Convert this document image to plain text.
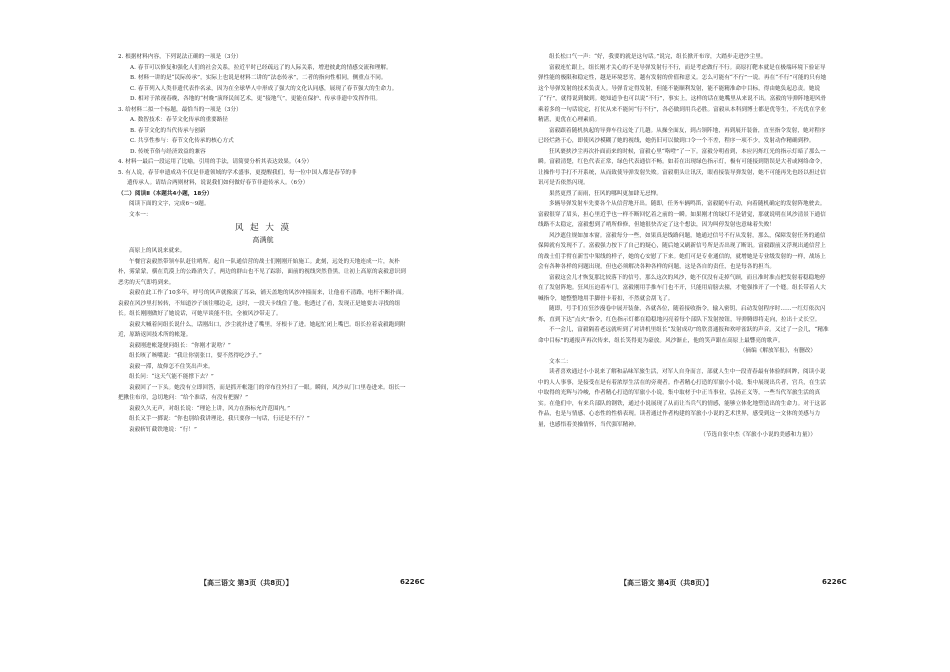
2. 根据材料内容，下列说法正确的一项是（3分）
A. 春节可以修复和强化人们的社会关系，拉近平时已经疏远了的人际关系，增进彼此的情感交流和理解。
B. 材料一讲的是“民际传承”，实际上也说是材料二讲的“法态传承”，二者的指向性相同，侧重点不同。
C. 春节列入人类非遗代表作名录，因为在全球华人中形成了强大的文化认同感，展现了春节强大的生命力。
D. 相对于浓视春晚，各地的“村晚”演绎民间艺术，更“接地气”，更能在保护、传承非遗中发挥作用。
3. 给材料二拟一个标题，最恰当的一项是（3分）
A. 数智技术：春节文化传承的重要路径
B. 春节文化的当代传承与创新
C. 共享性参与：春节文化传承的核心方式
D. 传统节俗与经济效益的兼容
4. 材料一最后一段运用了比喻，引用的手法，请简要分析其表达效果。（4分）
5. 有人说，春节申遗成功不仅是非遗领域的学术盛事，更提醒我们，每一位中国人都是春节的非
遗传承人。请结合两则材料，说说我们如何做好春节非遗传承人。（6分）
（二）阅读Ⅱ（本题共4小题，18分）
阅读下面的文字，完成6～9题。
文本一：
风 起 大 漠
高满航
高原上的风说来就来。
午餐官袁毅然带领车队赶往哨所。起自一队通信营的战士们刚刚开始施工。此刻，远处的天地连成一片，灰朴朴，雾蒙蒙，横在荒漠上的公路消失了，两边的群山也不见了踪影，面前的视线突然昏黑，让初上高原的袁毅意识到恶劣的天气即将到来。
袁毅在此工作了10多年，呼号的风声就像滚了耳朵，铺天盖地的风沙冲撞而来，让他看不清路，电杆不断扑面。袁毅在风沙里打转转，不知道沙子该往哪边走，这时，一段天卡线住了他。他透过了看，发现正是她要去寻找的组长。组长刚刚做好了她说话，可她早谈能不住，全被风沙带走了。
袁毅大喊着问组长说什么，话刚出口，沙尘就扑进了嘴里，牙根卡了进。她起忙闭上嘴巴。组长拉着袁毅跑到附近，原路返回技术所的帐篷。
袁毅刚进帐篷便问组长：“你刚才说啥？”
组长咳了咳嘴说：“我让你别张口，要不然得吃沙子。”
袁毅一滞，故仰怎不住笑出声来。
组长问：“这天气能不能撑下去？”
袁毅回了一下头。她没有立即回答，而是抓开帐篷门的帘布往外扫了一眼。瞬间，风沙从门口里卷进来。组长一把揪住布帘，急切地问：“给个准话，有没有把握？”
袁毅久久无声，对组长说：“理论上讲，风力在指标允许范围内。”
组长又手一掷说：“你也别给我讲理论，我只要你一句话，行还是不行？”
袁毅斩钉截铁地说：“行！”
【高三语文 第3页（共8页）】	6226C
组长松口气一声：“好，我要的就是这句话。”说完，组长掀开布帘，大踏步走进沙尘里。
富毅连忙跟上，组长刚才关心的不是导弹发射行不行，而是考虑做行不行。高原打靶本就是在极端环境下验证导弹性能的极限和稳定性，越是环境恶劣，越有发射的价值和意义。怎么可能有“不行”一说。再在“不行”可能的只有她这个导弹发射的技术负责人。导弹肯定得发射，但能不能顺利发射，能不能精准命中目标，得由她负起总责。她说了“行”，就得说到做到。她知道争也可以说“不行”，事实上，这样的话在她嘴里从来说不出。富毅的导弹阵地迎风骨乘着多的一句话说定，打仗从来不能问“行不行”，各必做到用兵必胜。富毅从本科到博士都是优等生，不光优在学业精湛，更优在心理素质。
富毅跟着随机执起的导弹车往远处了几趟。从操全面友，到占领阵地，再到展开装备，直至指令发射，她对程序已经烂熟于心，即使风沙模糊了她的视线，她仍旧可以做到口令一个不差，程序一项不少，发射动作精确到秒。
狂风裹挟沙尘再次扑面而来的时候，富毅心里“咯噔”了一下。富毅分明看到，本应闪烁红光的指示灯暗了那么一瞬。富毅清楚，红色代表正常，绿色代表通信不畅。如若在出现绿色指示灯，极有可能接到错误是大者或网络命令，让操作号手打不开系统，从而致使导弹发射失败。富毅朝头让讯沃，眼看接装导弹发射，她不可能再先也经以担过信讯可是否依然闪现。
果然更烈了而雨，狂风的哪叫更加肆无忌惮。
多辆导弹发射车先要各个从信营地开出。随即，任务车辆鸣笛，富毅随车行动，向着随机确定的发射阵地驶去。富毅很穿了眉头，担心里近乎也一样不断回忆着之前的一瞬。如果刚才的绿灯不是错觉，那就说明在风沙清景下通信线路不太稳定，富毅想到了哨所修修，但她很快否定了这个想法，因为叫停发射也意味着失败！
风沙遮住规如加本窗。富毅每分一些，如果真是线路问题，她通过信号不行从发射，那么，保障发射任务的通信保障就有发现不了。富毅强力按下了自己的疑心，随后她又刷新信号所是否出现了断讯。富毅跟前又浮现出通信营上的战士们手臂在新雪中架线的样子，她的心安慰了下来。她们可是专业通信的，就增她是专业级发射的一样，战场上会有各种各样的问题出现，但也必须解决各种各样的问题，这是各自的责任，也是每各的担当。
富毅这会儿才恢复那比较落下的信号，那么这次的风沙，她不仅没有走掉气顾，而且准时准点把发射着稳稳地停在了发射阵地。狂风压迫着车门，富毅刚用手推车门也不开，只能用肩膀去撞，才勉强推开了一个缝。组长带着人大喊指令，她整整地用手脚骨卡着扣，不然就会刮飞了。
随即，号手们在狂沙漫卷中展开装备，各就各位，随着接收指令，输入密钥，启动发射程序时……一红灯依次闪烁，直到下达“点火”指令，红色指示灯都在稳稳地闪亮着每个部队下发射按钮，导弹腾即将走向，拉出十丈长空。
不一会儿，富毅隔着老远就听到了对讲机里组长“发射成功”的欣喜通报和欢呼雀跃的声音。又过了一会儿，“精准命中目标”的通报声再次传来，组长笑得更为豪放。风沙渐止，他的笑声跟在高原上最響亮的歌声。
（摘编《解放军报》，有删改）
文本二：
读者喜欢通过小小说来了解和品味军旅生活，对军人自身而言，部就人生中一段青春最有体验的回眸，阅读小说中的人人事事，是接受在是有着浓厚生活在的旁观者。作者精心打造的军旅小小说，集中展现出兵者，官兵，在生活中取得的光辉与冷峻，作者精心打造的军旅小小说，集中取材于中正当事业，弘扬正义等，一些当代军旅生活的真实。在他们中，有来兵部队的钢铁，通过小说展现了从而让当兵气的情感，能够立体化地塑造出的生命力。对于这部作品，也是与情感、心态性的性格表现。读者通过作者构建的军旅小小说的艺术世界，感受到这一文体的美感与力量，也感悟着美操情怀，当代强军精神。
（节选自张中杰《军旅小小说的美感和力量》）
【高三语文 第4页（共8页）】	6226C
